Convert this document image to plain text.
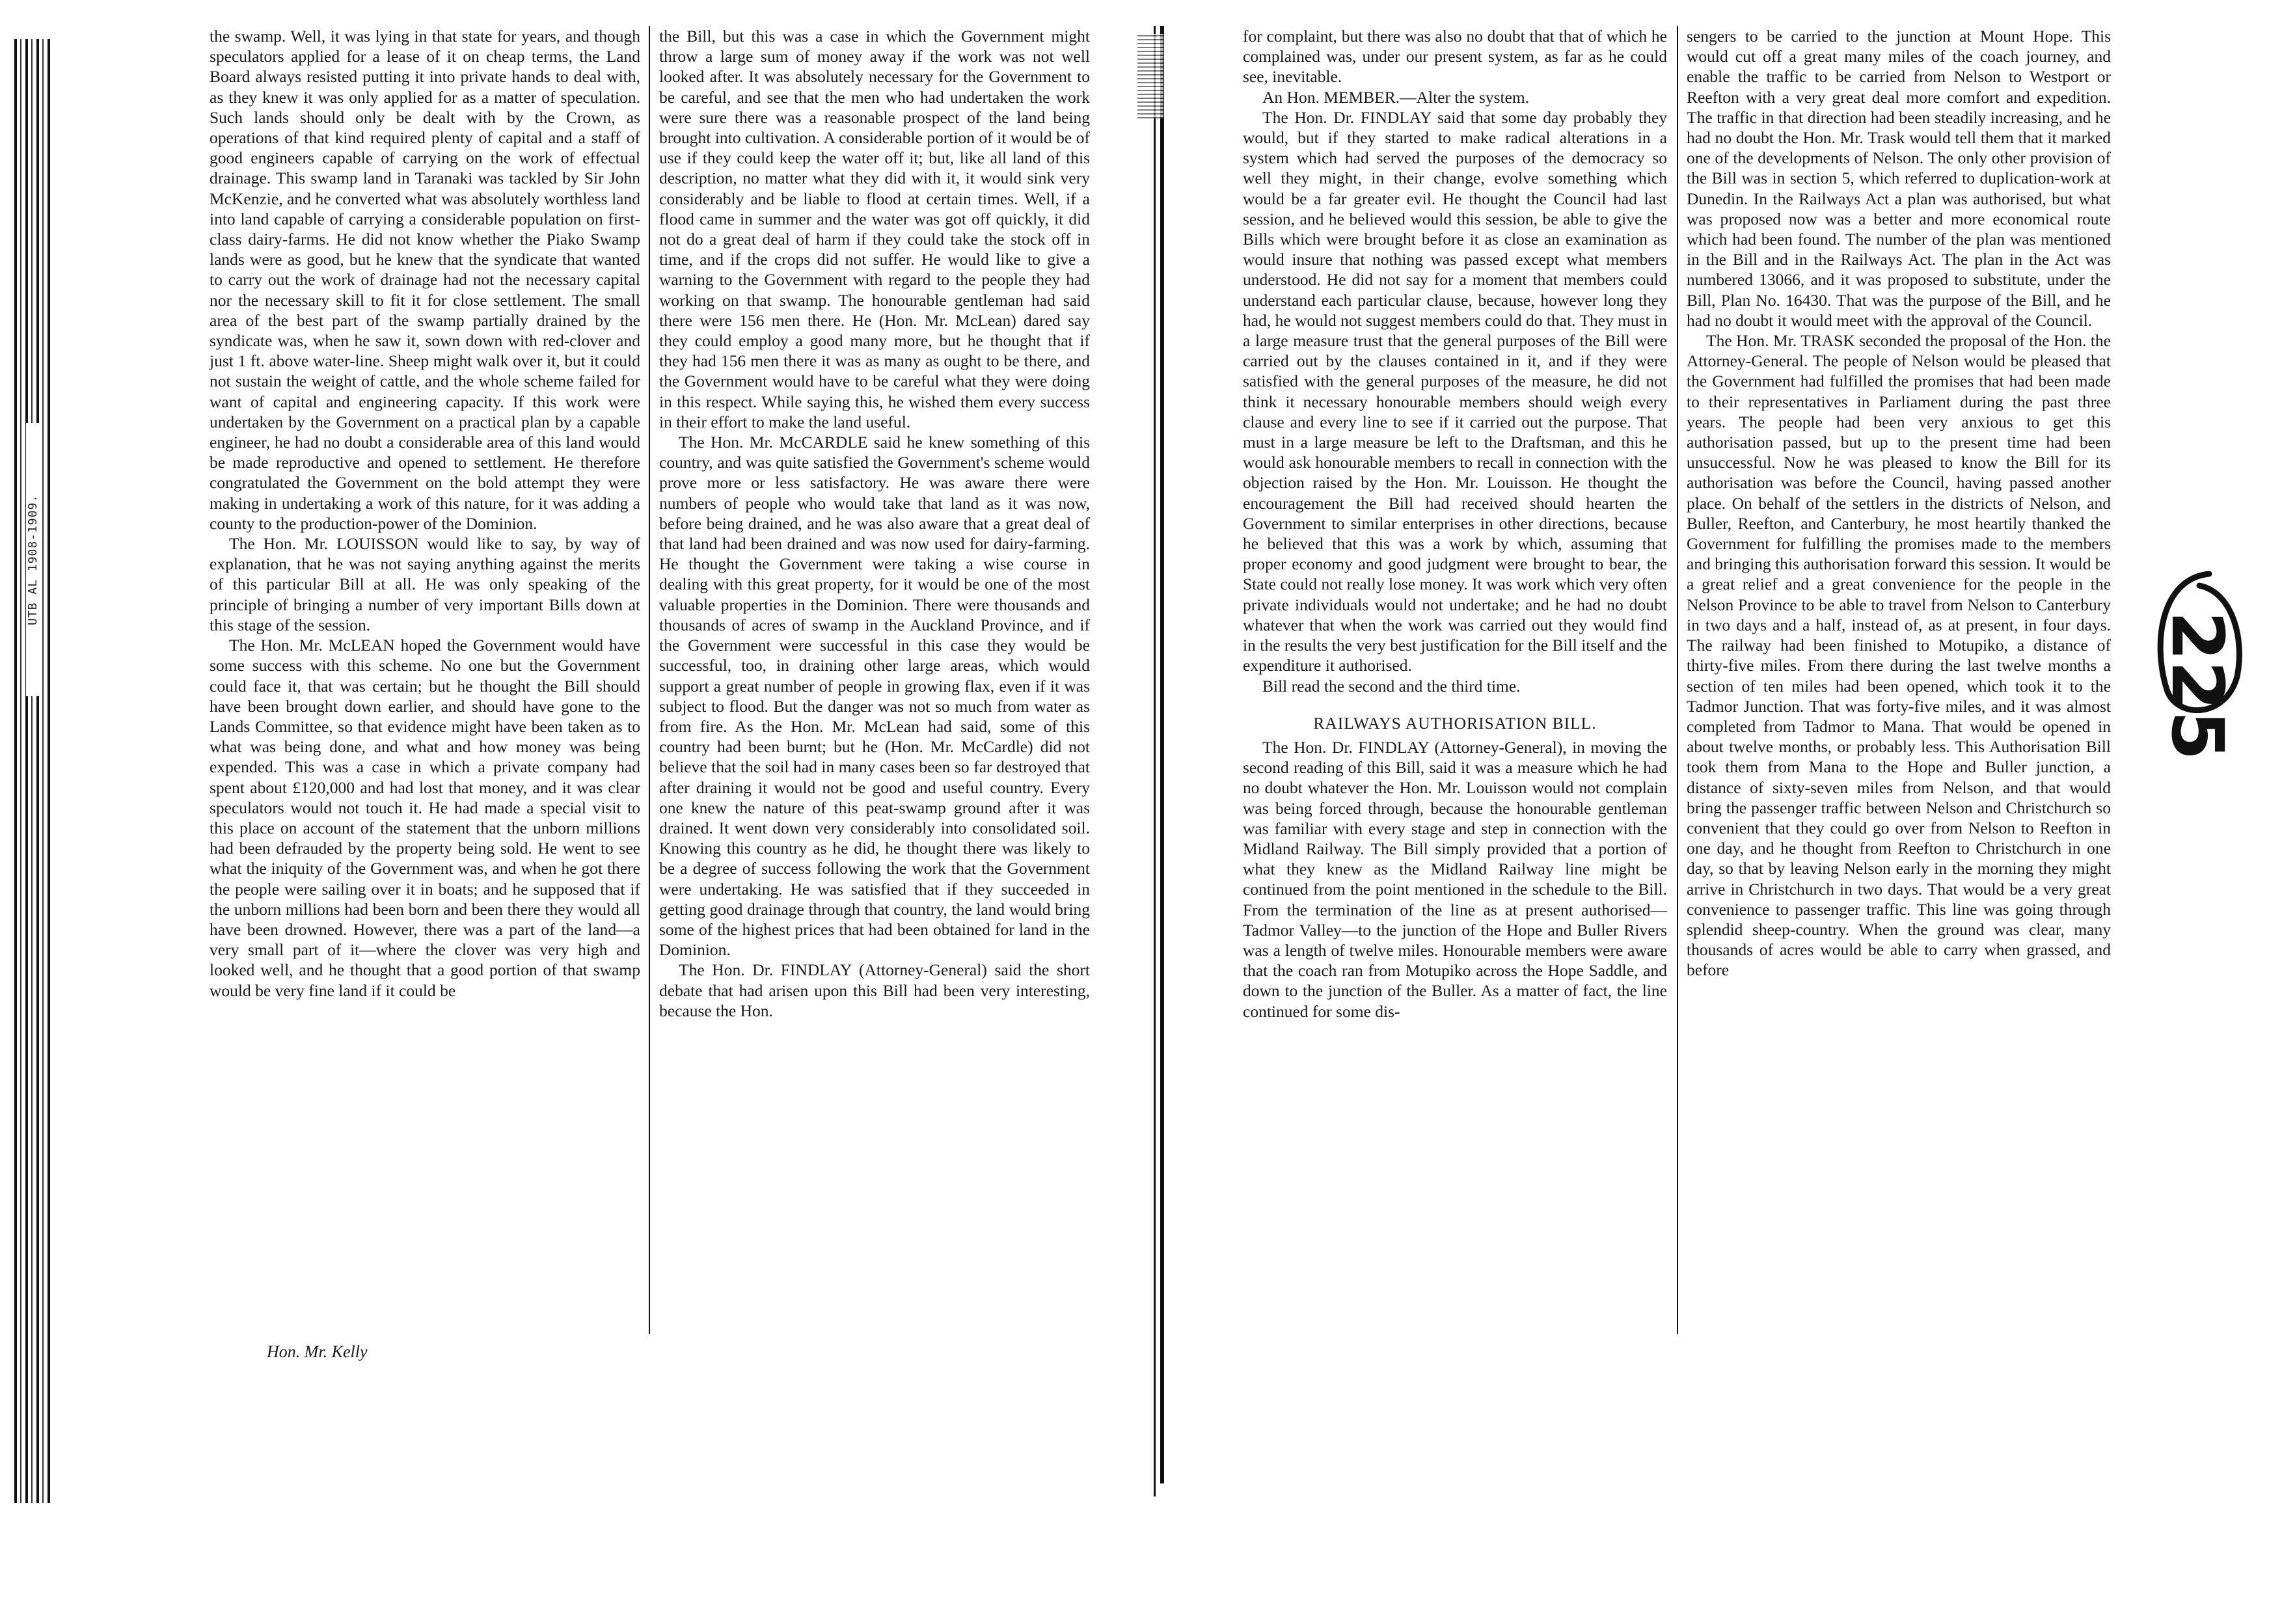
UTB AL 1908-1909.

the swamp. Well, it was lying in that state for years, and though speculators applied for a lease of it on cheap terms, the Land Board always resisted putting it into private hands to deal with, as they knew it was only applied for as a matter of speculation. Such lands should only be dealt with by the Crown, as operations of that kind required plenty of capital and a staff of good engineers capable of carrying on the work of effectual drainage. This swamp land in Taranaki was tackled by Sir John McKenzie, and he converted what was absolutely worthless land into land capable of carrying a considerable population on first-class dairy-farms. He did not know whether the Piako Swamp lands were as good, but he knew that the syndicate that wanted to carry out the work of drainage had not the necessary capital nor the necessary skill to fit it for close settlement. The small area of the best part of the swamp partially drained by the syndicate was, when he saw it, sown down with red-clover and just 1 ft. above water-line. Sheep might walk over it, but it could not sustain the weight of cattle, and the whole scheme failed for want of capital and engineering capacity. If this work were undertaken by the Government on a practical plan by a capable engineer, he had no doubt a considerable area of this land would be made reproductive and opened to settlement. He therefore congratulated the Government on the bold attempt they were making in undertaking a work of this nature, for it was adding a county to the production-power of the Dominion.

The Hon. Mr. LOUISSON would like to say, by way of explanation, that he was not saying anything against the merits of this particular Bill at all. He was only speaking of the principle of bringing a number of very important Bills down at this stage of the session.

The Hon. Mr. McLEAN hoped the Government would have some success with this scheme. No one but the Government could face it, that was certain; but he thought the Bill should have been brought down earlier, and should have gone to the Lands Committee, so that evidence might have been taken as to what was being done, and what and how money was being expended. This was a case in which a private company had spent about £120,000 and had lost that money, and it was clear speculators would not touch it. He had made a special visit to this place on account of the statement that the unborn millions had been defrauded by the property being sold. He went to see what the iniquity of the Government was, and when he got there the people were sailing over it in boats; and he supposed that if the unborn millions had been born and been there they would all have been drowned. However, there was a part of the land—a very small part of it—where the clover was very high and looked well, and he thought that a good portion of that swamp would be very fine land if it could be

the Bill, but this was a case in which the Government might throw a large sum of money away if the work was not well looked after. It was absolutely necessary for the Government to be careful, and see that the men who had undertaken the work were sure there was a reasonable prospect of the land being brought into cultivation. A considerable portion of it would be of use if they could keep the water off it; but, like all land of this description, no matter what they did with it, it would sink very considerably and be liable to flood at certain times. Well, if a flood came in summer and the water was got off quickly, it did not do a great deal of harm if they could take the stock off in time, and if the crops did not suffer. He would like to give a warning to the Government with regard to the people they had working on that swamp. The honourable gentleman had said there were 156 men there. He (Hon. Mr. McLean) dared say they could employ a good many more, but he thought that if they had 156 men there it was as many as ought to be there, and the Government would have to be careful what they were doing in this respect. While saying this, he wished them every success in their effort to make the land useful.

The Hon. Mr. McCARDLE said he knew something of this country, and was quite satisfied the Government's scheme would prove more or less satisfactory. He was aware there were numbers of people who would take that land as it was now, before being drained, and he was also aware that a great deal of that land had been drained and was now used for dairy-farming. He thought the Government were taking a wise course in dealing with this great property, for it would be one of the most valuable properties in the Dominion. There were thousands and thousands of acres of swamp in the Auckland Province, and if the Government were successful in this case they would be successful, too, in draining other large areas, which would support a great number of people in growing flax, even if it was subject to flood. But the danger was not so much from water as from fire. As the Hon. Mr. McLean had said, some of this country had been burnt; but he (Hon. Mr. McCardle) did not believe that the soil had in many cases been so far destroyed that after draining it would not be good and useful country. Every one knew the nature of this peat-swamp ground after it was drained. It went down very considerably into consolidated soil. Knowing this country as he did, he thought there was likely to be a degree of success following the work that the Government were undertaking. He was satisfied that if they succeeded in getting good drainage through that country, the land would bring some of the highest prices that had been obtained for land in the Dominion.

The Hon. Dr. FINDLAY (Attorney-General) said the short debate that had arisen upon this Bill had been very interesting, because the Hon.

Hon. Mr. Kelly

for complaint, but there was also no doubt that that of which he complained was, under our present system, as far as he could see, inevitable.

An Hon. MEMBER.—Alter the system.

The Hon. Dr. FINDLAY said that some day probably they would, but if they started to make radical alterations in a system which had served the purposes of the democracy so well they might, in their change, evolve something which would be a far greater evil. He thought the Council had last session, and he believed would this session, be able to give the Bills which were brought before it as close an examination as would insure that nothing was passed except what members understood. He did not say for a moment that members could understand each particular clause, because, however long they had, he would not suggest members could do that. They must in a large measure trust that the general purposes of the Bill were carried out by the clauses contained in it, and if they were satisfied with the general purposes of the measure, he did not think it necessary honourable members should weigh every clause and every line to see if it carried out the purpose. That must in a large measure be left to the Draftsman, and this he would ask honourable members to recall in connection with the objection raised by the Hon. Mr. Louisson. He thought the encouragement the Bill had received should hearten the Government to similar enterprises in other directions, because he believed that this was a work by which, assuming that proper economy and good judgment were brought to bear, the State could not really lose money. It was work which very often private individuals would not undertake; and he had no doubt whatever that when the work was carried out they would find in the results the very best justification for the Bill itself and the expenditure it authorised.

Bill read the second and the third time.

RAILWAYS AUTHORISATION BILL.

The Hon. Dr. FINDLAY (Attorney-General), in moving the second reading of this Bill, said it was a measure which he had no doubt whatever the Hon. Mr. Louisson would not complain was being forced through, because the honourable gentleman was familiar with every stage and step in connection with the Midland Railway. The Bill simply provided that a portion of what they knew as the Midland Railway line might be continued from the point mentioned in the schedule to the Bill. From the termination of the line as at present authorised—Tadmor Valley—to the junction of the Hope and Buller Rivers was a length of twelve miles. Honourable members were aware that the coach ran from Motupiko across the Hope Saddle, and down to the junction of the Buller. As a matter of fact, the line continued for some dis-

sengers to be carried to the junction at Mount Hope. This would cut off a great many miles of the coach journey, and enable the traffic to be carried from Nelson to Westport or Reefton with a very great deal more comfort and expedition. The traffic in that direction had been steadily increasing, and he had no doubt the Hon. Mr. Trask would tell them that it marked one of the developments of Nelson. The only other provision of the Bill was in section 5, which referred to duplication-work at Dunedin. In the Railways Act a plan was authorised, but what was proposed now was a better and more economical route which had been found. The number of the plan was mentioned in the Bill and in the Railways Act. The plan in the Act was numbered 13066, and it was proposed to substitute, under the Bill, Plan No. 16430. That was the purpose of the Bill, and he had no doubt it would meet with the approval of the Council.

The Hon. Mr. TRASK seconded the proposal of the Hon. the Attorney-General. The people of Nelson would be pleased that the Government had fulfilled the promises that had been made to their representatives in Parliament during the past three years. The people had been very anxious to get this authorisation passed, but up to the present time had been unsuccessful. Now he was pleased to know the Bill for its authorisation was before the Council, having passed another place. On behalf of the settlers in the districts of Nelson, and Buller, Reefton, and Canterbury, he most heartily thanked the Government for fulfilling the promises made to the members and bringing this authorisation forward this session. It would be a great relief and a great convenience for the people in the Nelson Province to be able to travel from Nelson to Canterbury in two days and a half, instead of, as at present, in four days. The railway had been finished to Motupiko, a distance of thirty-five miles. From there during the last twelve months a section of ten miles had been opened, which took it to the Tadmor Junction. That was forty-five miles, and it was almost completed from Tadmor to Mana. That would be opened in about twelve months, or probably less. This Authorisation Bill took them from Mana to the Hope and Buller junction, a distance of sixty-seven miles from Nelson, and that would bring the passenger traffic between Nelson and Christchurch so convenient that they could go over from Nelson to Reefton in one day, and he thought from Reefton to Christchurch in one day, so that by leaving Nelson early in the morning they might arrive in Christchurch in two days. That would be a very great convenience to passenger traffic. This line was going through splendid sheep-country. When the ground was clear, many thousands of acres would be able to carry when grassed, and before

225
